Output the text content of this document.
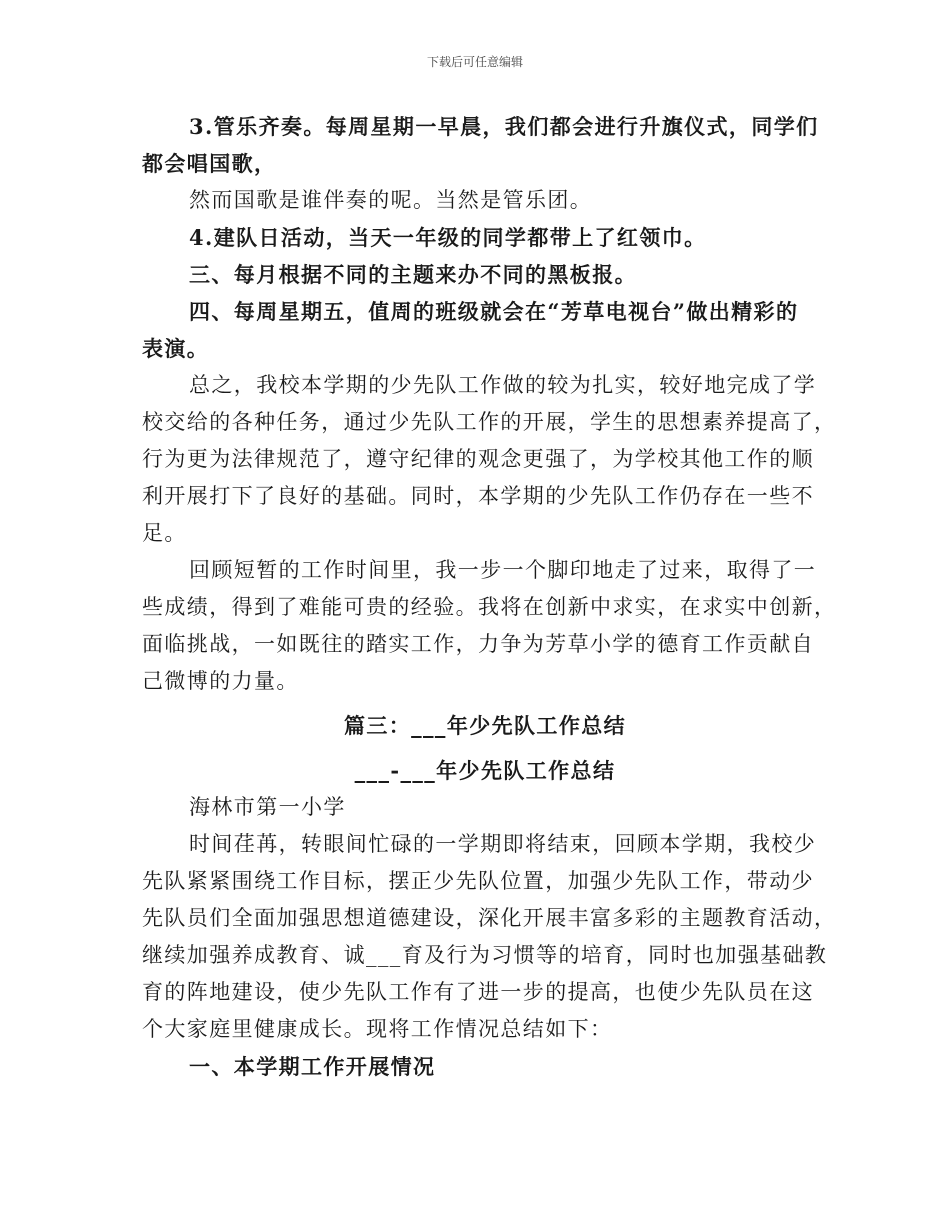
下载后可任意编辑

3.管乐齐奏。每周星期一早晨，我们都会进行升旗仪式，同学们

都会唱国歌，

然而国歌是谁伴奏的呢。当然是管乐团。

4.建队日活动，当天一年级的同学都带上了红领巾。

三、每月根据不同的主题来办不同的黑板报。

四、每周星期五，值周的班级就会在“芳草电视台”做出精彩的

表演。

总之，我校本学期的少先队工作做的较为扎实，较好地完成了学

校交给的各种任务，通过少先队工作的开展，学生的思想素养提高了，

行为更为法律规范了，遵守纪律的观念更强了，为学校其他工作的顺

利开展打下了良好的基础。同时，本学期的少先队工作仍存在一些不

足。

回顾短暂的工作时间里，我一步一个脚印地走了过来，取得了一

些成绩，得到了难能可贵的经验。我将在创新中求实，在求实中创新，

面临挑战，一如既往的踏实工作，力争为芳草小学的德育工作贡献自

己微博的力量。

篇三：___年少先队工作总结

___-___年少先队工作总结

海林市第一小学

时间荏苒，转眼间忙碌的一学期即将结束，回顾本学期，我校少

先队紧紧围绕工作目标，摆正少先队位置，加强少先队工作，带动少

先队员们全面加强思想道德建设，深化开展丰富多彩的主题教育活动，

继续加强养成教育、诚___育及行为习惯等的培育，同时也加强基础教

育的阵地建设，使少先队工作有了进一步的提高，也使少先队员在这

个大家庭里健康成长。现将工作情况总结如下：

一、本学期工作开展情况
